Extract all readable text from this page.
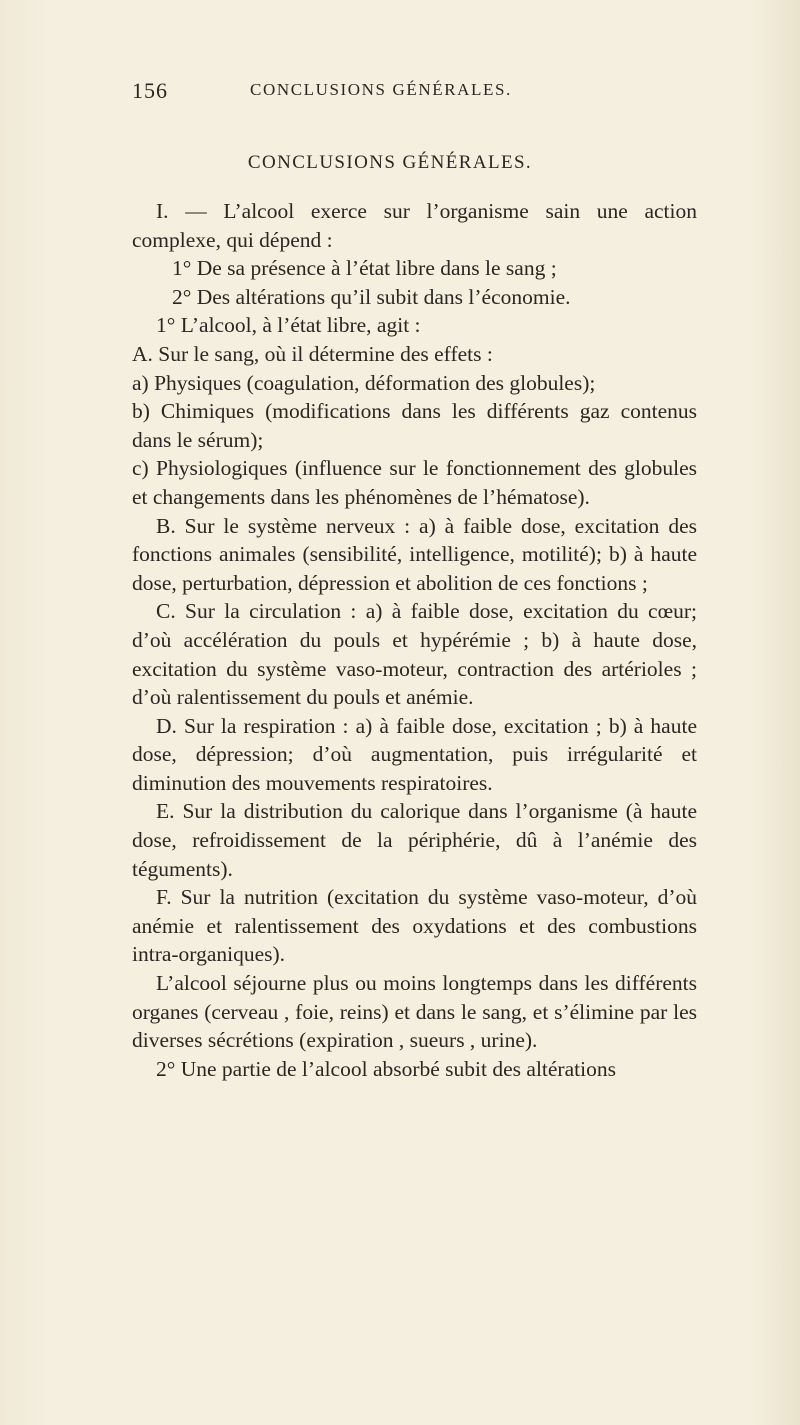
156	CONCLUSIONS GÉNÉRALES.
CONCLUSIONS GÉNÉRALES.

I. — L’alcool exerce sur l’organisme sain une action complexe, qui dépend :

1° De sa présence à l’état libre dans le sang ;

2° Des altérations qu’il subit dans l’économie.

1° L’alcool, à l’état libre, agit :

A. Sur le sang, où il détermine des effets :

a) Physiques (coagulation, déformation des globules);

b) Chimiques (modifications dans les différents gaz contenus dans le sérum);

c) Physiologiques (influence sur le fonctionnement des globules et changements dans les phénomènes de l’hématose).

B. Sur le système nerveux : a) à faible dose, excitation des fonctions animales (sensibilité, intelligence, motilité); b) à haute dose, perturbation, dépression et abolition de ces fonctions ;

C. Sur la circulation : a) à faible dose, excitation du cœur; d’où accélération du pouls et hypérémie ; b) à haute dose, excitation du système vaso-moteur, contraction des artérioles ; d’où ralentissement du pouls et anémie.

D. Sur la respiration : a) à faible dose, excitation ; b) à haute dose, dépression; d’où augmentation, puis irrégularité et diminution des mouvements respiratoires.

E. Sur la distribution du calorique dans l’organisme (à haute dose, refroidissement de la périphérie, dû à l’anémie des téguments).

F. Sur la nutrition (excitation du système vaso-moteur, d’où anémie et ralentissement des oxydations et des combustions intra-organiques).

L’alcool séjourne plus ou moins longtemps dans les différents organes (cerveau , foie, reins) et dans le sang, et s’élimine par les diverses sécrétions (expiration , sueurs , urine).

2° Une partie de l’alcool absorbé subit des altérations
